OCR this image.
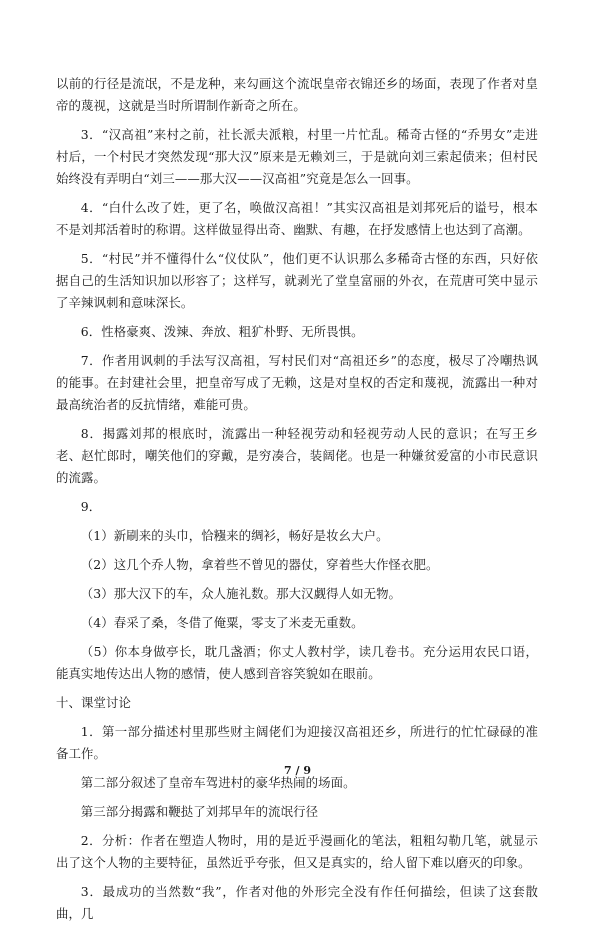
以前的行径是流氓，不是龙种，来勾画这个流氓皇帝衣锦还乡的场面，表现了作者对皇帝的蔑视，这就是当时所谓制作新奇之所在。

3．“汉高祖”来村之前，社长派夫派粮，村里一片忙乱。稀奇古怪的“乔男女”走进村后，一个村民才突然发现“那大汉”原来是无赖刘三，于是就向刘三索起债来；但村民始终没有弄明白“刘三——那大汉——汉高祖”究竟是怎么一回事。

4．“白什么改了姓，更了名，唤做汉高祖！”其实汉高祖是刘邦死后的谥号，根本不是刘邦活着时的称谓。这样做显得出奇、幽默、有趣，在抒发感情上也达到了高潮。

5．“村民”并不懂得什么“仪仗队”，他们更不认识那么多稀奇古怪的东西，只好依据自己的生活知识加以形容了；这样写，就剥光了堂皇富丽的外衣，在荒唐可笑中显示了辛辣讽刺和意味深长。

6．性格豪爽、泼辣、奔放、粗犷朴野、无所畏惧。

7．作者用讽刺的手法写汉高祖，写村民们对“高祖还乡”的态度，极尽了冷嘲热讽的能事。在封建社会里，把皇帝写成了无赖，这是对皇权的否定和蔑视，流露出一种对最高统治者的反抗情绪，难能可贵。

8．揭露刘邦的根底时，流露出一种轻视劳动和轻视劳动人民的意识；在写王乡老、赵忙郎时，嘲笑他们的穿戴，是穷凑合，装阔佬。也是一种嫌贫爱富的小市民意识的流露。

9．

（1）新刷来的头巾，恰糨来的绸衫，畅好是妆幺大户。

（2）这几个乔人物，拿着些不曾见的器仗，穿着些大作怪衣肥。

（3）那大汉下的车，众人施礼数。那大汉觑得人如无物。

（4）春采了桑，冬借了俺粟，零支了米麦无重数。

（5）你本身做亭长，耽几盏酒；你丈人教村学，读几卷书。充分运用农民口语，能真实地传达出人物的感情，使人感到音容笑貌如在眼前。

十、课堂讨论

1．第一部分描述村里那些财主阔佬们为迎接汉高祖还乡，所进行的忙忙碌碌的准备工作。

第二部分叙述了皇帝车驾进村的豪华热闹的场面。

第三部分揭露和鞭挞了刘邦早年的流氓行径

2．分析：作者在塑造人物时，用的是近乎漫画化的笔法，粗粗勾勒几笔，就显示出了这个人物的主要特征，虽然近乎夸张，但又是真实的，给人留下难以磨灭的印象。

3．最成功的当然数“我”，作者对他的外形完全没有作任何描绘，但读了这套散曲，几

7 / 9
